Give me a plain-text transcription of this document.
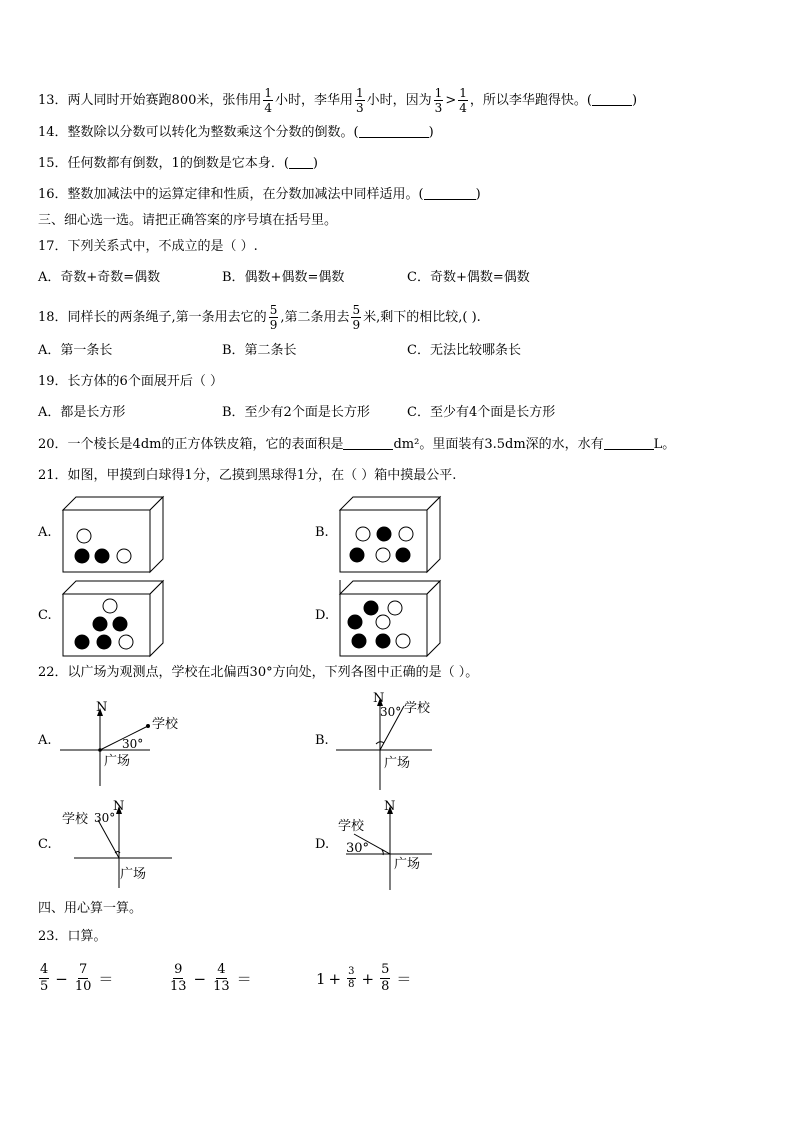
13．两人同时开始赛跑800米，张伟用 $\frac{1}{4}$ 小时，李华用 $\frac{1}{3}$ 小时，因为 $\frac{1}{3} > \frac{1}{4}$ ，所以李华跑得快。(	)
14．整数除以分数可以转化为整数乘这个分数的倒数。(	)
15．任何数都有倒数，1的倒数是它本身．( )
16．整数加减法中的运算定律和性质，在分数加减法中同样适用。(	)
三、细心选一选。请把正确答案的序号填在括号里。
17．下列关系式中，不成立的是（ ）.
A．奇数+奇数=偶数	B．偶数+偶数=偶数	C．奇数+偶数=偶数
18．同样长的两条绳子,第一条用去它的 $\frac{5}{9}$ ,第二条用去 $\frac{5}{9}$ 米,剩下的相比较,( ).
A．第一条长	B．第二条长	C．无法比较哪条长
19．长方体的6个面展开后（ ）
A．都是长方形	B．至少有2个面是长方形	C．至少有4个面是长方形
20．一个棱长是4dm的正方体铁皮箱，它的表面积是	dm²。里面装有3.5dm深的水，水有	L。
21．如图，甲摸到白球得1分，乙摸到黑球得1分，在（ ）箱中摸最公平.
A.	B.
C.	D.
22．以广场为观测点，学校在北偏西30°方向处，下列各图中正确的是（ ）。
A.
N
学校
30°
广场
B.
N
30° 学校
广场
C.
N
学校 30°
广场
D.
N
学校
30°
广场
四、用心算一算。
23．口算。
$\frac{4}{5} - \frac{7}{10}$ ＝	$\frac{9}{13} - \frac{4}{13}$ ＝	$1 + \frac{3}{8} + \frac{5}{8}$ ＝
